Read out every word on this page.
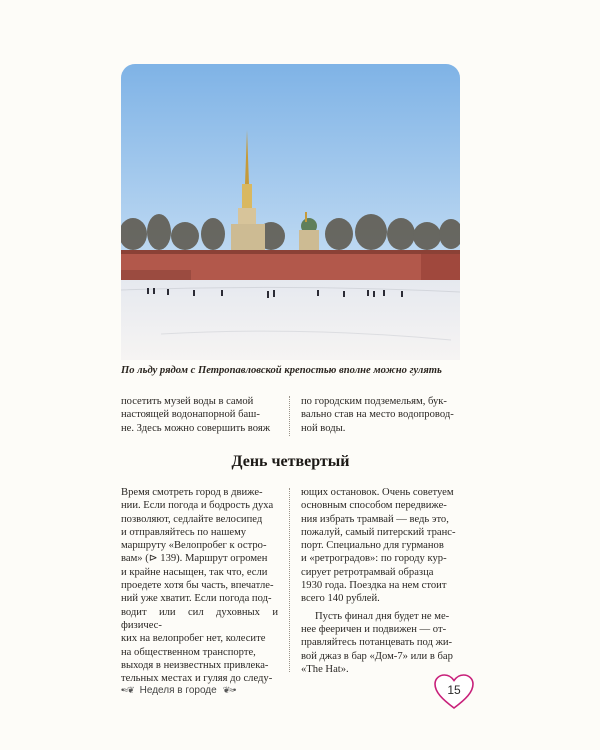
По льду рядом с Петропавловской крепостью вполне можно гулять

посетить музей воды в самой

настоящей водонапорной баш-

не. Здесь можно совершить вояж

по городским подземельям, бук-

вально став на место водопровод-

ной воды.

День четвертый

Время смотреть город в движе-

нии. Если погода и бодрость духа

позволяют, седлайте велосипед

и отправляйтесь по нашему

маршруту «Велопробег к остро-

вам» (⊳ 139). Маршрут огромен

и крайне насыщен, так что, если

проедете хотя бы часть, впечатле-

ний уже хватит. Если погода под-

водит или сил духовных и физичес-

ких на велопробег нет, колесите

на общественном транспорте,

выходя в неизвестных привлека-

тельных местах и гуляя до следу-

ющих остановок. Очень советуем

основным способом передвиже-

ния избрать трамвай — ведь это,

пожалуй, самый питерский транс-

порт. Специально для гурманов

и «ретроградов»: по городу кур-

сирует ретротрамвай образца

1930 года. Поездка на нем стоит

всего 140 рублей.

Пусть финал дня будет не ме-

нее фееричен и подвижен — от-

правляйтесь потанцевать под жи-

вой джаз в бар «Дом-7» или в бар

«The Hat».

•≈❦ Неделя в городе ❦≈•	15
